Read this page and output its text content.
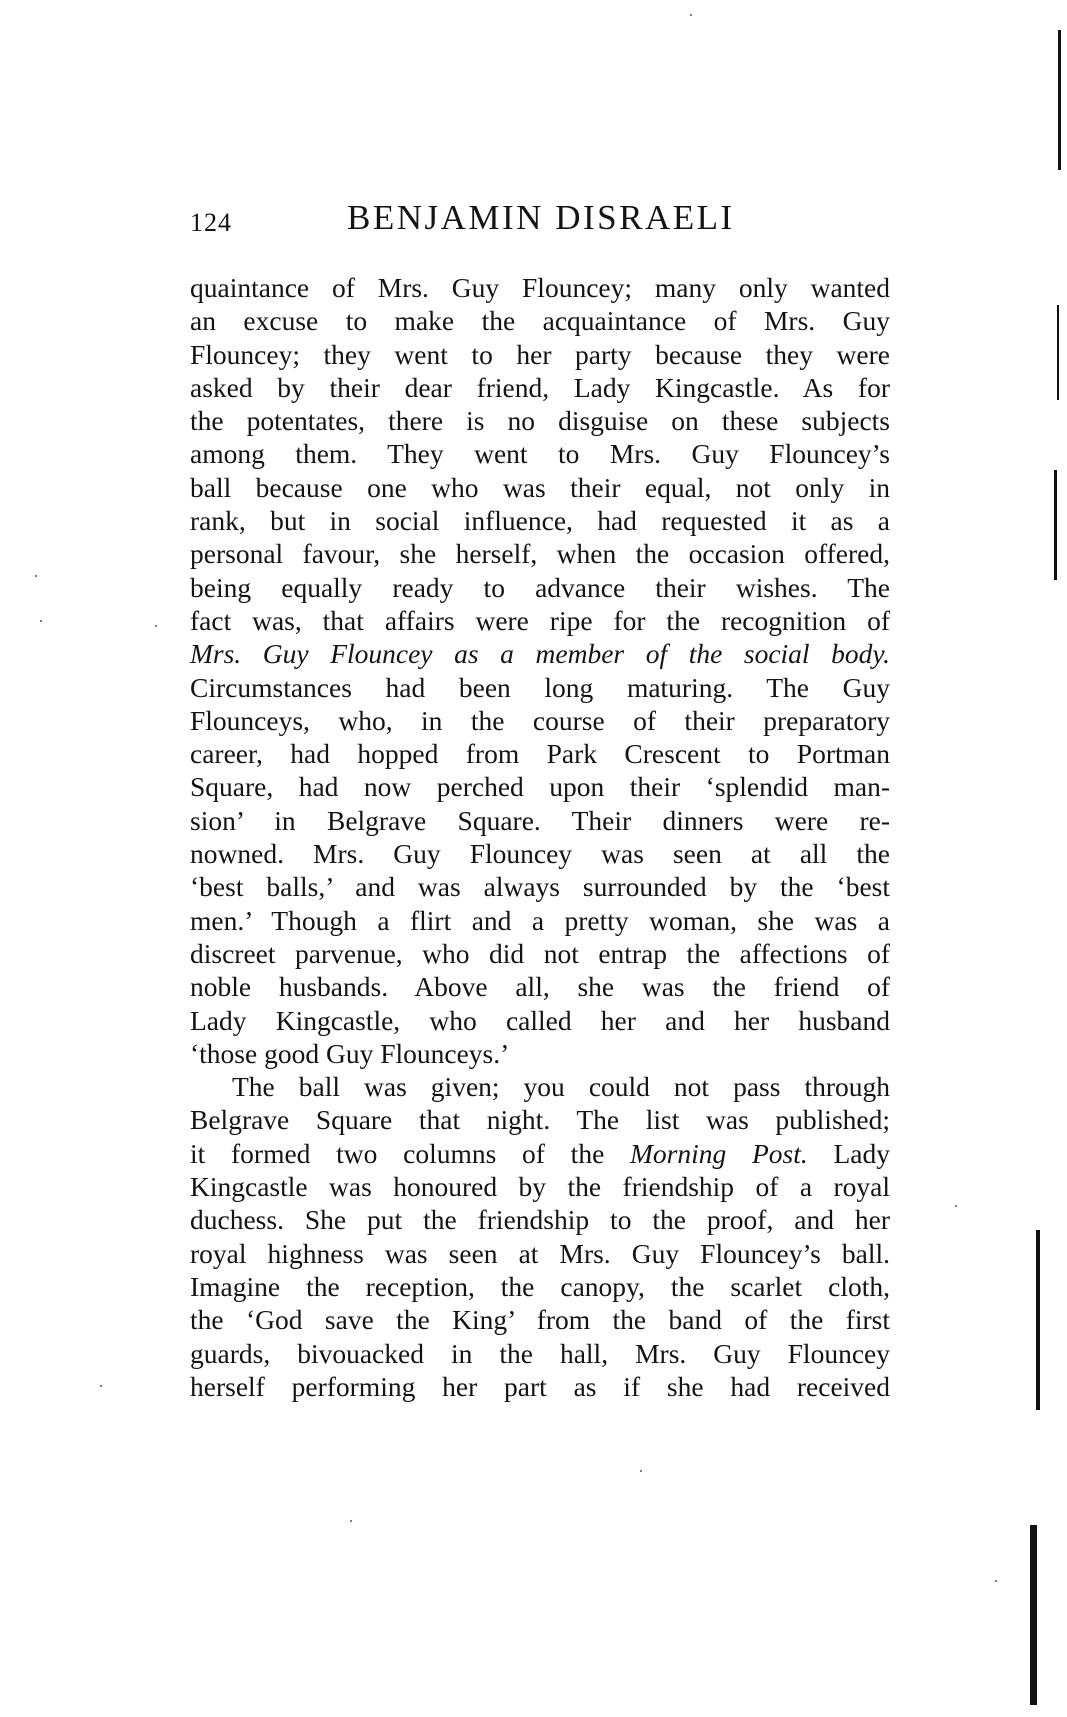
124	BENJAMIN DISRAELI
quaintance of Mrs. Guy Flouncey; many only wanted
an excuse to make the acquaintance of Mrs. Guy
Flouncey; they went to her party because they were
asked by their dear friend, Lady Kingcastle. As for
the potentates, there is no disguise on these subjects
among them. They went to Mrs. Guy Flouncey’s
ball because one who was their equal, not only in
rank, but in social influence, had requested it as a
personal favour, she herself, when the occasion offered,
being equally ready to advance their wishes. The
fact was, that affairs were ripe for the recognition of
Mrs. Guy Flouncey as a member of the social body.
Circumstances had been long maturing. The Guy
Flounceys, who, in the course of their preparatory
career, had hopped from Park Crescent to Portman
Square, had now perched upon their ‘splendid man-
sion’ in Belgrave Square. Their dinners were re-
nowned. Mrs. Guy Flouncey was seen at all the
‘best balls,’ and was always surrounded by the ‘best
men.’ Though a flirt and a pretty woman, she was a
discreet parvenue, who did not entrap the affections of
noble husbands. Above all, she was the friend of
Lady Kingcastle, who called her and her husband
‘those good Guy Flounceys.’
The ball was given; you could not pass through
Belgrave Square that night. The list was published;
it formed two columns of the Morning Post. Lady
Kingcastle was honoured by the friendship of a royal
duchess. She put the friendship to the proof, and her
royal highness was seen at Mrs. Guy Flouncey’s ball.
Imagine the reception, the canopy, the scarlet cloth,
the ‘God save the King’ from the band of the first
guards, bivouacked in the hall, Mrs. Guy Flouncey
herself performing her part as if she had received
